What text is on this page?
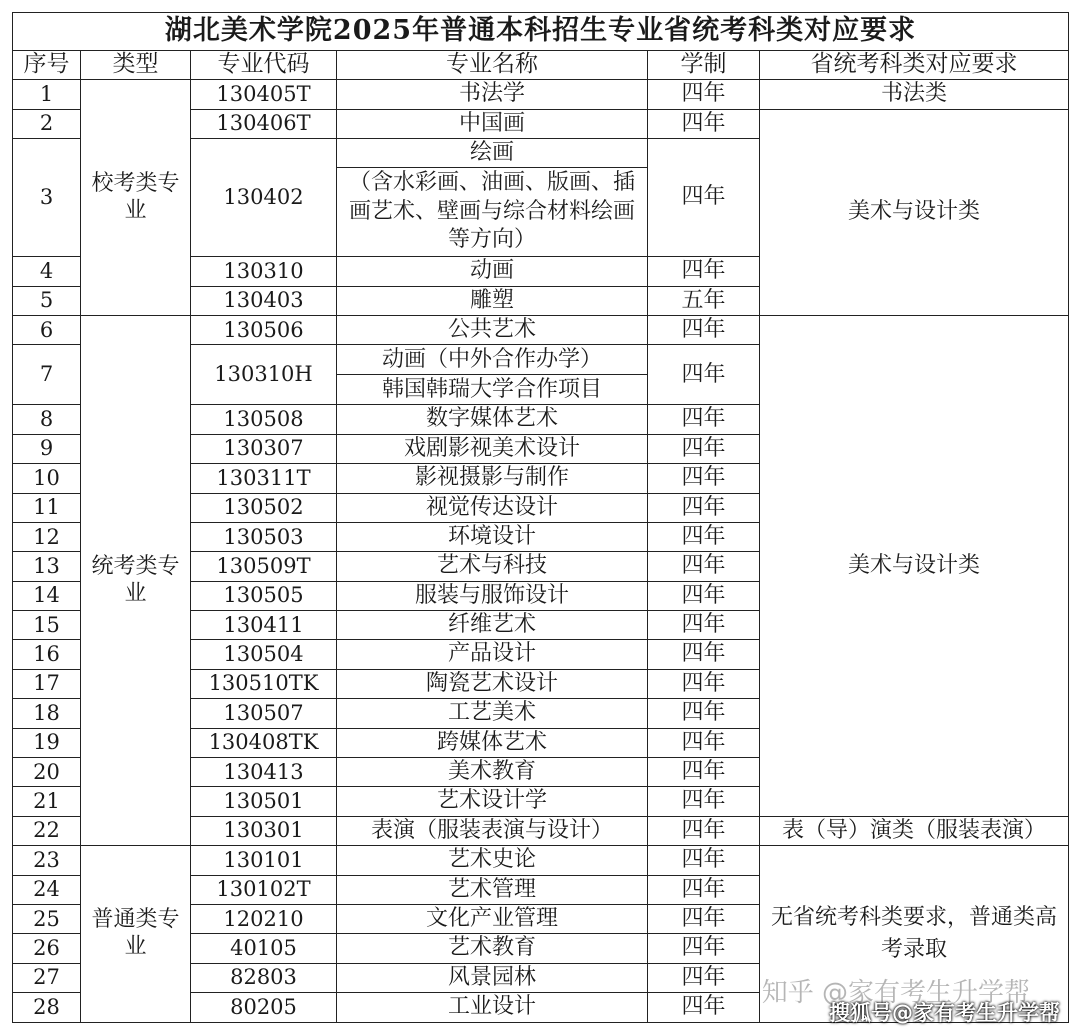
湖北美术学院2025年普通本科招生专业省统考科类对应要求					
序号	类型	专业代码	专业名称	学制	省统考科类对应要求
1	校考类专业	130405T	书法学	四年	书法类
2		130406T	中国画	四年	美术与设计类
3		130402	绘画
（含水彩画、油画、版画、插画艺术、壁画与综合材料绘画等方向）	四年	
4		130310	动画	四年	
5		130403	雕塑	五年	
6	统考类专业	130506	公共艺术	四年	美术与设计类
7		130310H	动画（中外合作办学）
韩国韩瑞大学合作项目	四年	
8		130508	数字媒体艺术	四年	
9		130307	戏剧影视美术设计	四年	
10		130311T	影视摄影与制作	四年	
11		130502	视觉传达设计	四年	
12		130503	环境设计	四年	
13		130509T	艺术与科技	四年	
14		130505	服装与服饰设计	四年	
15		130411	纤维艺术	四年	
16		130504	产品设计	四年	
17		130510TK	陶瓷艺术设计	四年	
18		130507	工艺美术	四年	
19		130408TK	跨媒体艺术	四年	
20		130413	美术教育	四年	
21		130501	艺术设计学	四年	
22		130301	表演（服装表演与设计）	四年	表（导）演类（服装表演）
23	普通类专业	130101	艺术史论	四年	无省统考科类要求，普通类高考录取
24		130102T	艺术管理	四年	
25		120210	文化产业管理	四年	
26		40105	艺术教育	四年	
27		82803	风景园林	四年	
28		80205	工业设计	四年	知乎 @家有考生升学帮
搜狐号@家有考生升学帮
